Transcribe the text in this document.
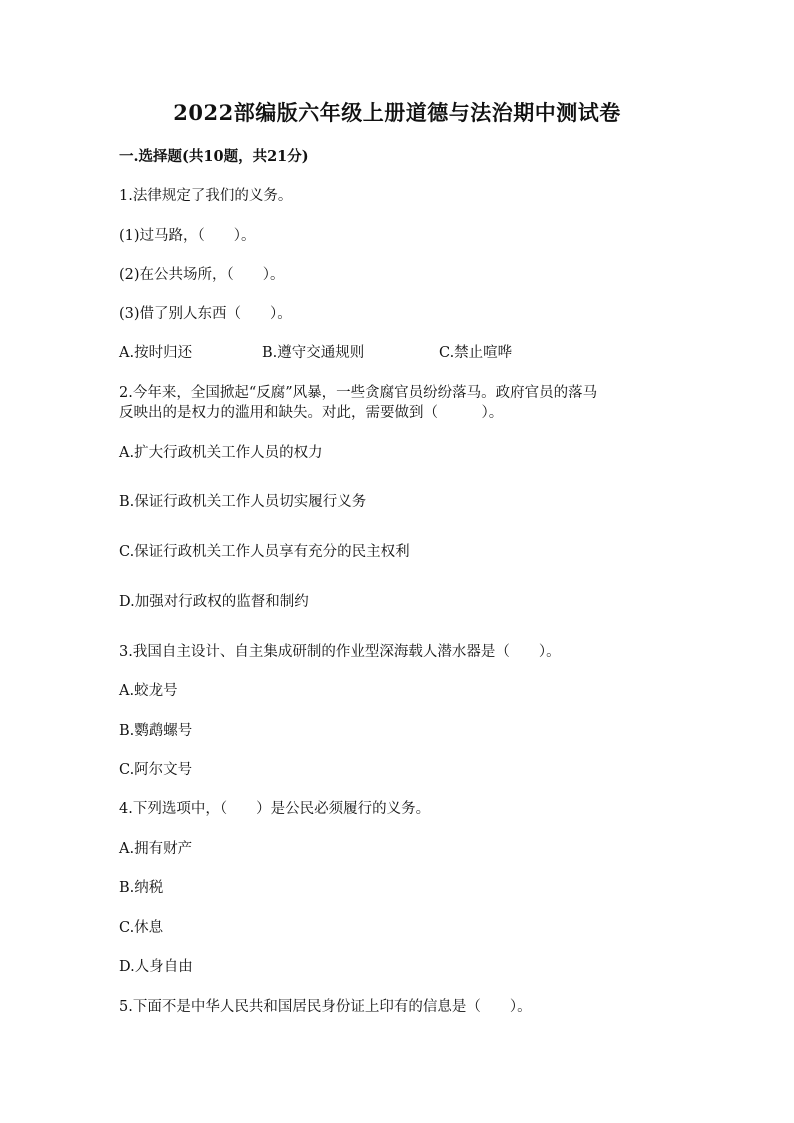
2022部编版六年级上册道德与法治期中测试卷
一.选择题(共10题，共21分)
1.法律规定了我们的义务。
(1)过马路，（　　）。
(2)在公共场所，（　　）。
(3)借了别人东西（　　）。
A.按时归还	B.遵守交通规则	C.禁止喧哗
2.今年来，全国掀起“反腐”风暴，一些贪腐官员纷纷落马。政府官员的落马
反映出的是权力的滥用和缺失。对此，需要做到（　　　）。
A.扩大行政机关工作人员的权力
B.保证行政机关工作人员切实履行义务
C.保证行政机关工作人员享有充分的民主权利
D.加强对行政权的监督和制约
3.我国自主设计、自主集成研制的作业型深海载人潜水器是（　　）。
A.蛟龙号
B.鹦鹉螺号
C.阿尔文号
4.下列选项中，（　　）是公民必须履行的义务。
A.拥有财产
B.纳税
C.休息
D.人身自由
5.下面不是中华人民共和国居民身份证上印有的信息是（　　）。
